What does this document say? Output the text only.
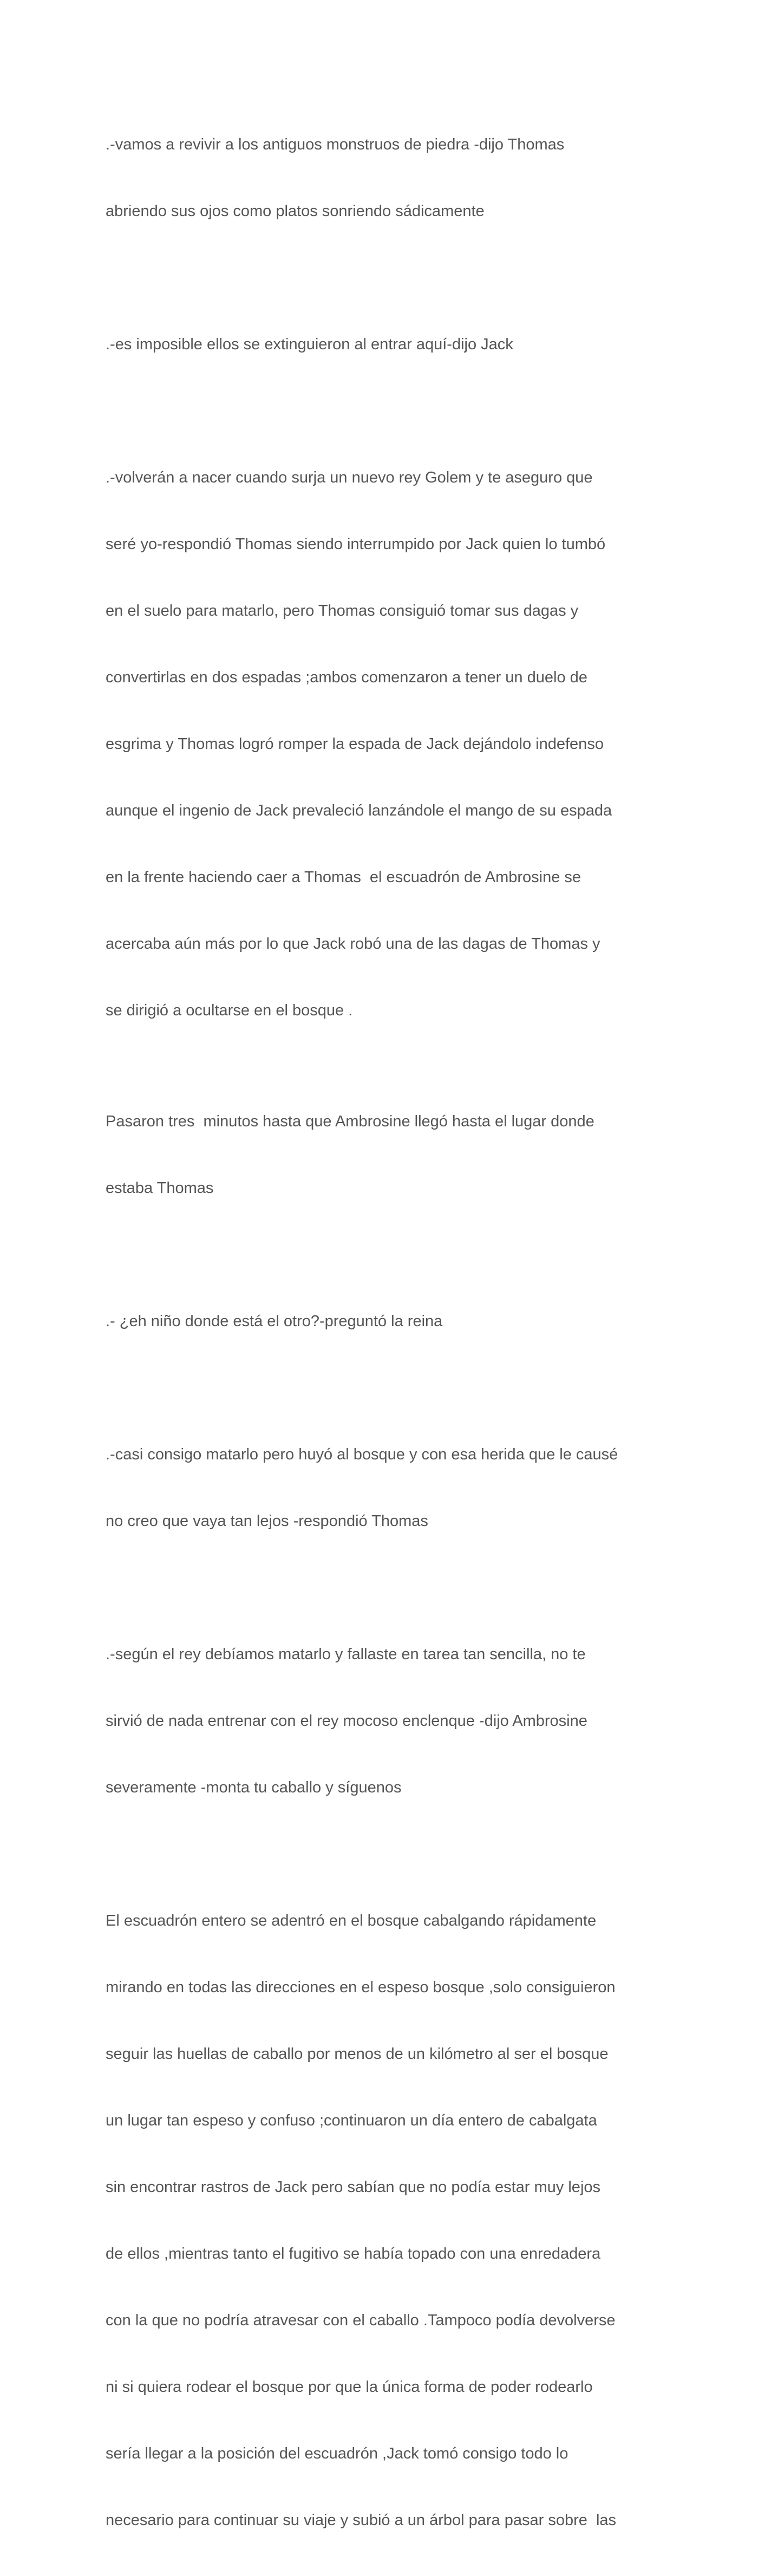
.-vamos a revivir a los antiguos monstruos de piedra -dijo Thomas

abriendo sus ojos como platos sonriendo sádicamente

.-es imposible ellos se extinguieron al entrar aquí-dijo Jack

.-volverán a nacer cuando surja un nuevo rey Golem y te aseguro que

seré yo-respondió Thomas siendo interrumpido por Jack quien lo tumbó

en el suelo para matarlo, pero Thomas consiguió tomar sus dagas y

convertirlas en dos espadas ;ambos comenzaron a tener un duelo de

esgrima y Thomas logró romper la espada de Jack dejándolo indefenso

aunque el ingenio de Jack prevaleció lanzándole el mango de su espada

en la frente haciendo caer a Thomas  el escuadrón de Ambrosine se

acercaba aún más por lo que Jack robó una de las dagas de Thomas y

se dirigió a ocultarse en el bosque .

Pasaron tres  minutos hasta que Ambrosine llegó hasta el lugar donde

estaba Thomas

.- ¿eh niño donde está el otro?-preguntó la reina

.-casi consigo matarlo pero huyó al bosque y con esa herida que le causé

no creo que vaya tan lejos -respondió Thomas

.-según el rey debíamos matarlo y fallaste en tarea tan sencilla, no te

sirvió de nada entrenar con el rey mocoso enclenque -dijo Ambrosine

severamente -monta tu caballo y síguenos

El escuadrón entero se adentró en el bosque cabalgando rápidamente

mirando en todas las direcciones en el espeso bosque ,solo consiguieron

seguir las huellas de caballo por menos de un kilómetro al ser el bosque

un lugar tan espeso y confuso ;continuaron un día entero de cabalgata

sin encontrar rastros de Jack pero sabían que no podía estar muy lejos

de ellos ,mientras tanto el fugitivo se había topado con una enredadera

con la que no podría atravesar con el caballo .Tampoco podía devolverse

ni si quiera rodear el bosque por que la única forma de poder rodearlo

sería llegar a la posición del escuadrón ,Jack tomó consigo todo lo

necesario para continuar su viaje y subió a un árbol para pasar sobre  las
